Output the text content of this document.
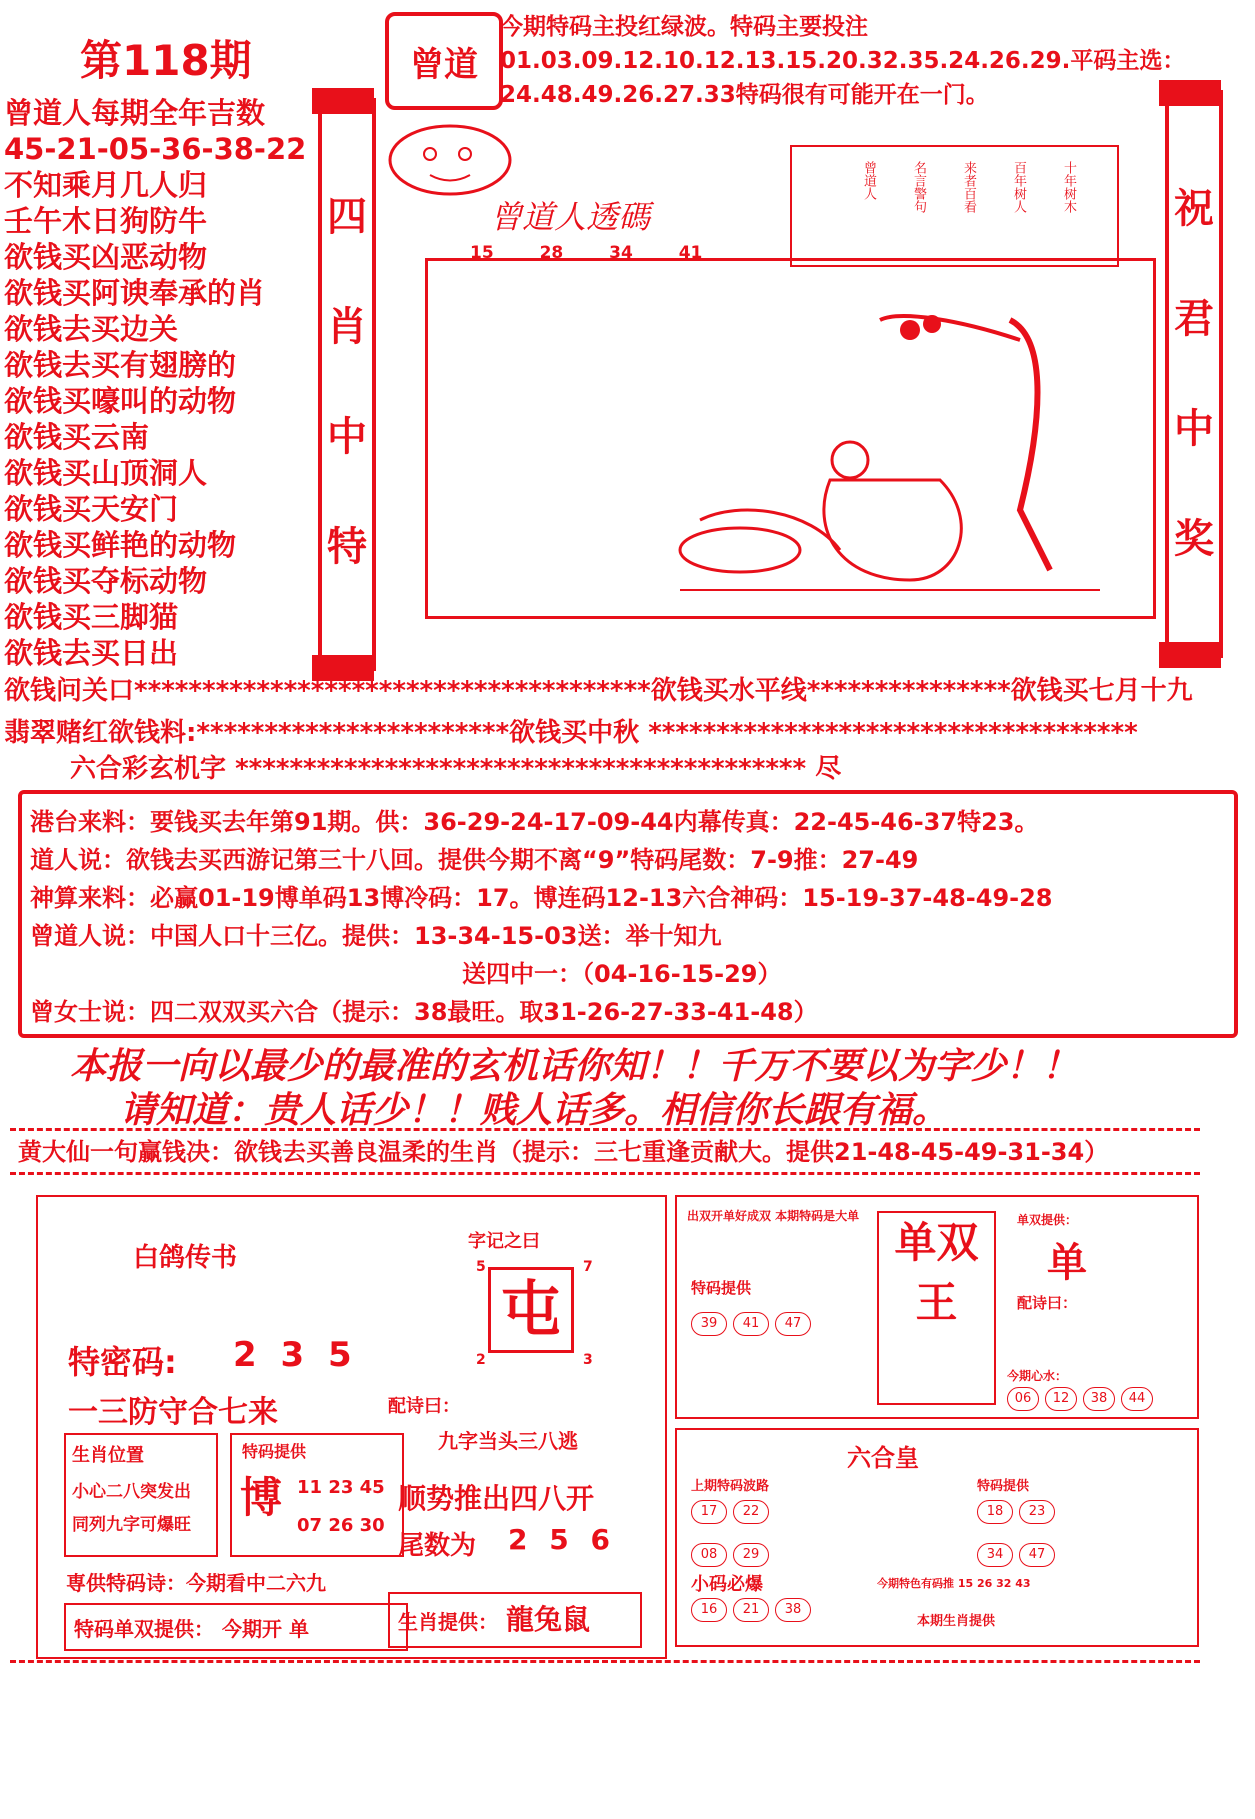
第118期	曾道
今期特码主投红绿波。特码主要投注01.03.09.12.10.12.13.15.20.32.35.24.26.29.平码主选：24.48.49.26.27.33特码很有可能开在一门。
曾道人每期全年吉数
45-21-05-36-38-22
不知乘月几人归
壬午木日狗防牛
欲钱买凶恶动物
欲钱买阿谀奉承的肖
欲钱去买边关
欲钱去买有翅膀的
欲钱买嚎叫的动物
欲钱买云南
欲钱买山顶洞人
欲钱买天安门
欲钱买鲜艳的动物
欲钱买夺标动物
欲钱买三脚猫
欲钱去买日出
四
肖
中
特
祝
君
中
奖
曾道人透碼
15 28 34 41
十年树木
百年树人
来者百看
名言警句
曾道人
欲钱问关口**************************************欲钱买水平线***************欲钱买七月十九
翡翠赌红欲钱料:***********************欲钱买中秋 ************************************
六合彩玄机字 ****************************************** 尽
港台来料：要钱买去年第91期。供：36-29-24-17-09-44内幕传真：22-45-46-37特23。
道人说：欲钱去买西游记第三十八回。提供今期不离“9”特码尾数：7-9推：27-49
神算来料：必赢01-19博单码13博冷码：17。博连码12-13六合神码：15-19-37-48-49-28
曾道人说：中国人口十三亿。提供：13-34-15-03送：举十知九
送四中一：（04-16-15-29）
曾女士说：四二双双买六合（提示：38最旺。取31-26-27-33-41-48）
本报一向以最少的最准的玄机话你知！！千万不要以为字少！！
请知道：贵人话少！！贱人话多。相信你长跟有福。
黄大仙一句赢钱决：欲钱去买善良温柔的生肖（提示：三七重逢贡献大。提供21-48-45-49-31-34）
白鸽传书
特密码: 2 3 5
一三防守合七来
生肖位置
小心二八突发出
同列九字可爆旺
特码提供
博 11 23 45
07 26 30
専供特码诗：今期看中二六九
特码单双提供： 今期开 单
字记之曰
屯
5	7
2	3
配诗曰：
九字当头三八逃
顺势推出四八开
尾数为 2 5 6
生肖提供： 龍兔鼠
出双开单好成双 本期特码是大单
特码提供
39 41 47
单双王
单双提供：
单
配诗曰：
今期心水：
06 12 38 44
六合皇
上期特码波路
17 22

08 29
小码必爆
16 21 38
特码提供
18 23

34 47
今期特色有码推 15 26 32 43
本期生肖提供
